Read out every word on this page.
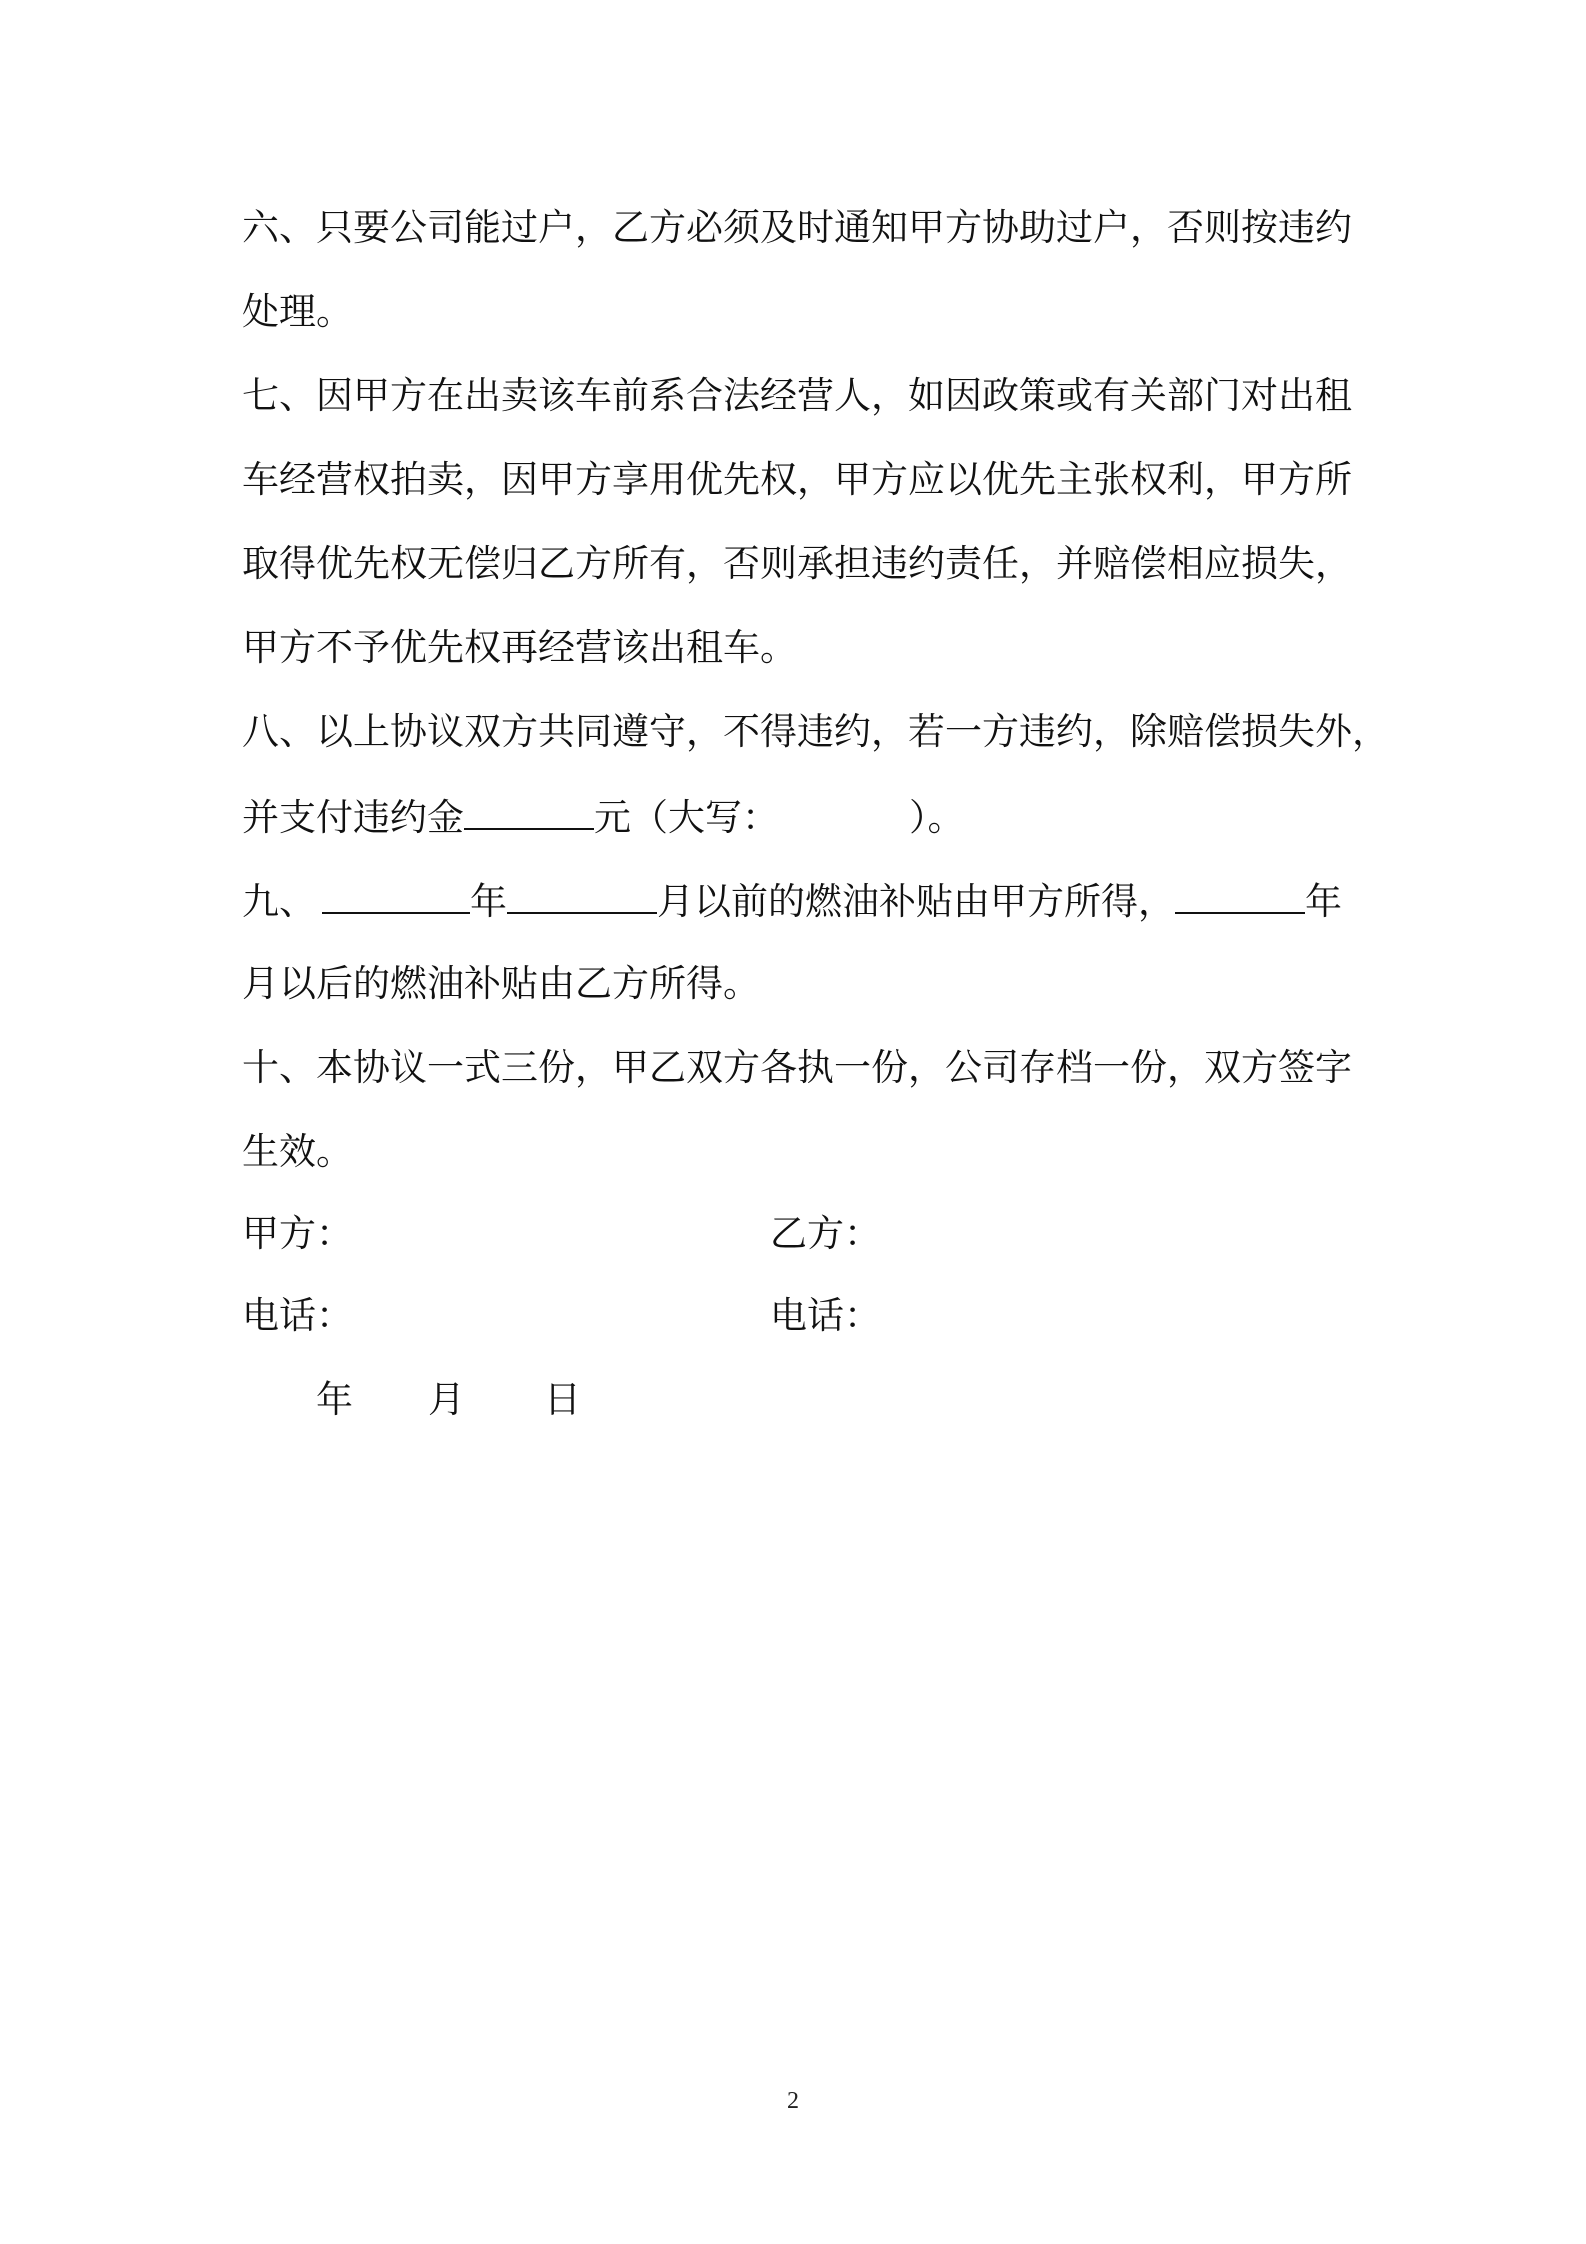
六、只要公司能过户，乙方必须及时通知甲方协助过户，否则按违约
处理。
七、因甲方在出卖该车前系合法经营人，如因政策或有关部门对出租
车经营权拍卖，因甲方享用优先权，甲方应以优先主张权利，甲方所
取得优先权无偿归乙方所有，否则承担违约责任，并赔偿相应损失，
甲方不予优先权再经营该出租车。
八、以上协议双方共同遵守，不得违约，若一方违约，除赔偿损失外，
并支付违约金	元（大写：	）。
九、	年	月以前的燃油补贴由甲方所得，	年
月以后的燃油补贴由乙方所得。
十、本协议一式三份，甲乙双方各执一份，公司存档一份，双方签字
生效。
甲方：	乙方：
电话：	电话：
年 月 日
2
